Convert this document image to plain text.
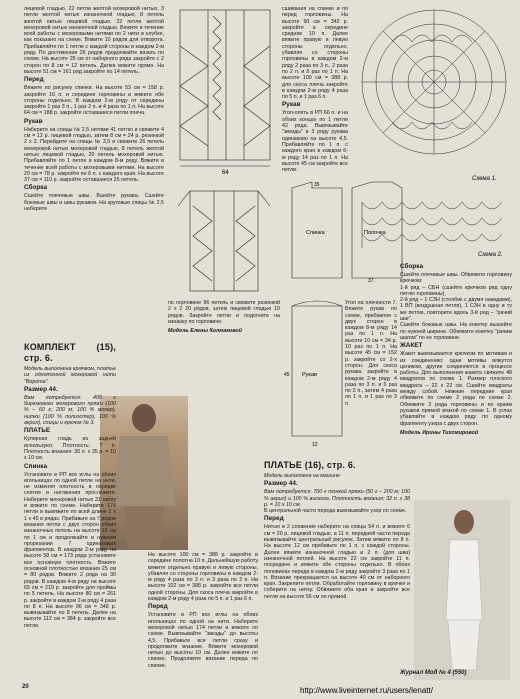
лицевой гладью, 22 петли желтой мохеровой нитью, 3 петли желтой нитью изнаночной гладью, 8 петель желтой нитью лицевой гладью, 22 петли желтой мохеровой нитью изнаночной гладью. Вяжите в течение всей работы с мохеровыми нитями по 2 нити в клубке, как показано на схеме. Вяжите 10 рядов для отворота. Прибавляйте по 1 петле с каждой стороны в каждом 2-м ряду. По достижении 26 рядов продолжайте вязать по схеме. На высоте 25 см от наборного ряда закройте с 2 сторон по 8 см = 12 петель. Далее вяжите прямо. На высоте 51 см = 161 ряд закройте по 14 петель.

Перед

Вяжите по рисунку спинки. На высоте 53 см = 158 р. закройте 16 п. и середине горловины и вяжите обе стороны отдельно. В каждом 2-м ряду от середины закройте 1 раз 3 п., 1 раз 2 п. и 4 раза по 1 п. На высоте 64 см = 188 р. закройте оставшиеся петли плеча.

Рукав

Наберите на спицы № 2,5 нитями 41 петлю и свяжите 4 см = 12 р. лицевой гладью, затем 8 см = 24 р. резинкой 2 х 2. Перейдите на спицы № 3,5 и свяжите 26 петель мохеровой нитью мохеровой гладью, 8 петель желтой нитью лицевой гладью, 20 петель мохеровой нитью. Прибавляйте по 1 петле в каждом 8-м ряду. Вяжите в течение всей работы с мохеровыми нитями. На высоте 20 см = 78 р. закройте по 6 п. с каждого края. На высоте 37 см = 110 р. закройте оставшиеся 25 петель.

Сборка

Сшейте плечевые швы. Вшейте рукава. Сшейте боковые швы и швы рукавов. На круговые спицы № 2,5 наберите

64

сшивания на спинке и по перед горловины. На высоте 90 см = 342 р. закройте в середине средние 10 п. Далее вяжите правую и левую стороны отдельно, убавляя со стороны горловины в каждом 2-м ряду 2 раза по 3 п., 2 раза по 2 п. и 6 раз по 1 п. На высоте 100 см = 388 р. для скоса плеча закройте в каждом 2-м ряду 4 раза по 5 п. и 1 раз 6 п.

Рукав

Угол-опять в РП 66 п. и на обоих концах по 1 петле 42 ряда. Вывязывайте "звезды" в 3 ряду рукава одинаково на высоте 4,5. Прибавляйте по 1 п. с каждого края в каждом 6-м ряду 14 раз по 1 п. На высоте 45 см закройте все петли.

Схема 1.
Схема 2.
Полочка
Спинка
35
37
Сборка

Сшейте плечевые швы. Обвяжите горловину крючком:

1-й ряд – СБН (сшейте крючком ряд одну петлю горловины),

2-й ряд – 1 СЗН (столбик с двумя накидами), 1 ВП (воздушная петля), 1 СЗН в одну и ту же петлю, повторите вдоль 3-й ряд – "рачий шаг".

Сшейте боковые швы. На кокетку вышейте по нужной ширине. Обвяжите кокетку "рачим шагом" по ее горловине.

ЖАКЕТ

Жакет вывязывается крючком по мотивам и их соединению: одни мотивы вяжутся целиком, другие соединяются в процессе работы. Для выполнения жакета свяжите 48 квадратов по схеме 1. Размер плоского квадрата – 22 х 22 см. Сшейте квадраты между собой. Нижние передние края обвяжите по схеме 2 ряда по схеме 2. Обвяжите 2 ряда горловины и по краям рукавов прямой вязкой по схеме 1. В углах убавляйте в каждом ряду по одному фрагменту узора с двух сторон.

Модель Ирины Тихомировой

по горловине 96 петель и свяжите резинкой 2 х 2 20 рядов, затем лицевой гладью 10 рядов. Закройте петли и подогните на изнанку по горловине.

Модель Елены Колмаковой
Рукав
45
12

Угол на плечности 7. Вяжите рукав по схеме, прибавляя с двух сторон в каждом 8-м ряду 14 раз по 1 п. На высоте 10 см = 34 р. 10 раз по 1 п. На высоте 45 см = 152 р. закройте со 2-х сторон. Для скоса рукава закройте в каждом 2-м ряду 4 раза по 3 п. и 6 раз по 2 п., затем 4 раза по 1 п. и 1 раз по 3 п.

КОМПЛЕКТ (15), стр. 6.

Модель выполнена крючком, платье из однотонной мохеровой нити "Ворота".

Размер 44.

Вам потребуется: 400 г бирюзового мохерового пряжи (100 % – 60 г; 200 м; 100 % мохер), нитки (100 % полиэстер), 100 % акрил), спицы и крючок № 3.

ПЛАТЬЕ

Кулирная гладь из задней используют. Плотность: 7 п. Плотность вязания: 30 п. х 35 р. = 10 х 10 см.

Спинка

Установите в РП все иглы на обоих игольницах по одной петле на нити, не изменяя плотность в порядке снятия и натяжения прослежите. Наберите мохеровой нитью 31 нитку и вяжите по схеме. Наберите 174 петли и вывяжите по всей длине 2 х 1 х 45 в рядах. Прибавьте на 7 рядов вязания петли с двух сторон обеих изнаночных петель на высоте 10 см по 1 см и продолжайте в нужном прорезании 7 одинаковых фрагментов. В каждом 2-м ряду на высоте 58 см = 173 ряда установите все основную плотность. Вяжите основной плотностью вязания 25 см = 80 рядов. Вяжите 2 ряда на 30 рядов. В каждом 4-м ряду на высоте 65 см = 219 р. закройте для проймы по 5 петель. На высоте 80 см = 261 р. закройте в каждом 2-м ряду 4 раза по 8 п. На высоте 96 см = 348 р. вывязывайте по 8 петель. Далее на высоте 112 см = 384 р. закройте все петли.

На высоте 100 см = 388 р. закройте в середине полотна 10 п. Дальнейшую работу вяжите отдельно правую и левую стороны, убавляя со стороны горловины в каждом 2-м ряду 4 раза по 3 п. и 3 раза по 2 п. На высоте 102 см = 388 р. закройте все петли одной стороны. Для скоса плеча закройте в каждом 2-м ряду 4 раза по 5 п. и 1 раз 6 п.

Перед

Установите в РП все иглы на обоих игольницах по одной на нити. Наберите мохеровой нитью 174 петли и вяжите по схеме. Вывязывайте "звезды" до высоты 4,5. Прибавьте все петли сразу и продолжите вязание. Вяжите мохеровой нитью до высоты 10 см. Далее вяжите по спинке. Продолжите вязание переда по спинке.

ПЛАТЬЕ (16), стр. 6.

Модель выполнена на машине

Размер 44.

Вам потребуется: 700 г тонкой пряжи (50 г – 200 м; 100 % акрил) и 100 % вискоза. Плотность вязания: 32 п. х 38 р. = 10 х 10 см.

В центральной части переда вывязывайте узор по схеме.

Перед

Нитью в 2 сложения наберите на спицы 54 п. и вяжите 6 см = 20 р. лицевой гладью, а 11 п. передней части переда вывязывайте центральный рисунок. Затем вяжите по 8 п. На высоте 12 см прибавьте по 1 п. с каждой стороны. Далее вяжите изнаночной гладью и 2 п. (для шва) изнаночной петлей. На высоте 22 см закройте 11 п. посредине и вяжите обе стороны отдельно. В обоих половинах переда в каждом 2-м ряду закройте 3 раза по 1 п. Вязание прекращается на высоте 40 см от наборного края. Закрепите петли. Обработайте горловину в крючке и соберите на нитку. Обвяжите оба края и закройте все петли на высоте 56 см по прямой.

20
Журнал Мод № 4 (550)
http://www.liveinternet.ru/users/lenatt/
